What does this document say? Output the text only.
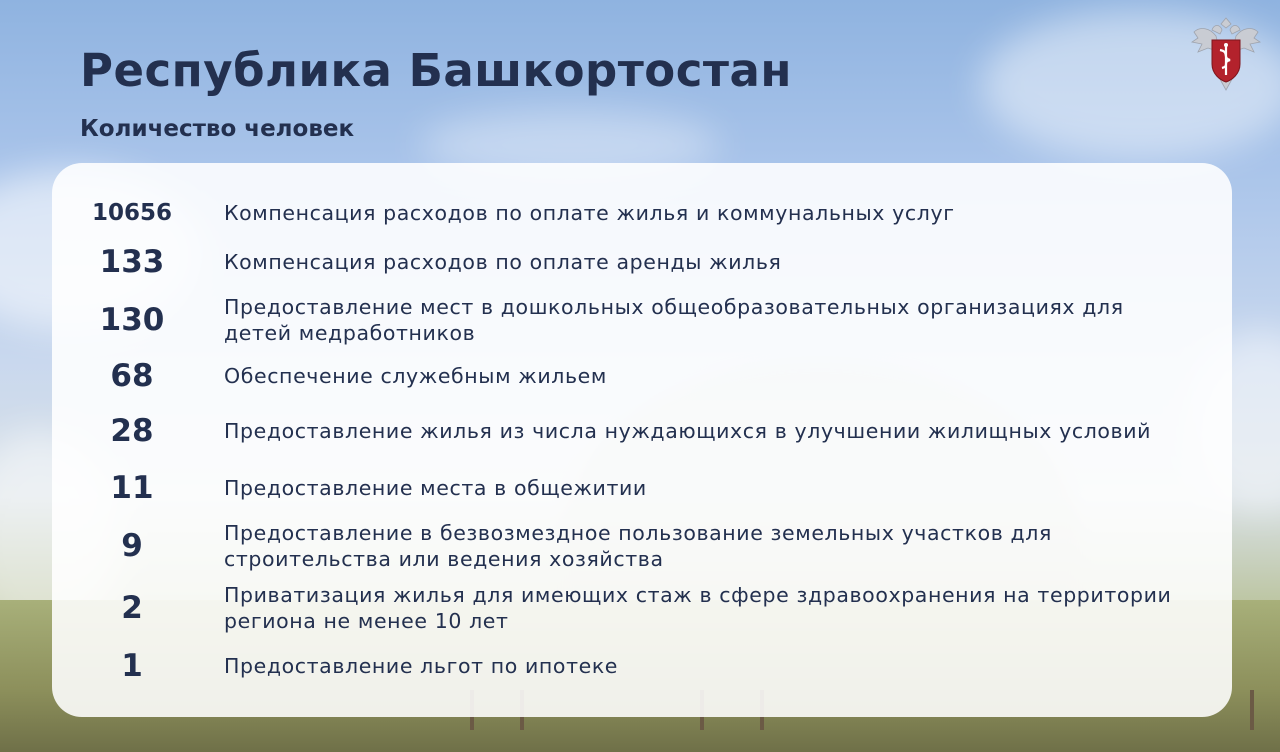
Республика Башкортостан
Количество человек
10656	Компенсация расходов по оплате жилья и коммунальных услуг
133	Компенсация расходов по оплате аренды жилья
130	Предоставление мест в дошкольных общеобразовательных организациях для детей медработников
68	Обеспечение служебным жильем
28	Предоставление жилья из числа нуждающихся в улучшении жилищных условий
11	Предоставление места в общежитии
9	Предоставление в безвозмездное пользование земельных участков для строительства или ведения хозяйства
2	Приватизация жилья для имеющих стаж в сфере здравоохранения на территории региона не менее 10 лет
1	Предоставление льгот по ипотеке
